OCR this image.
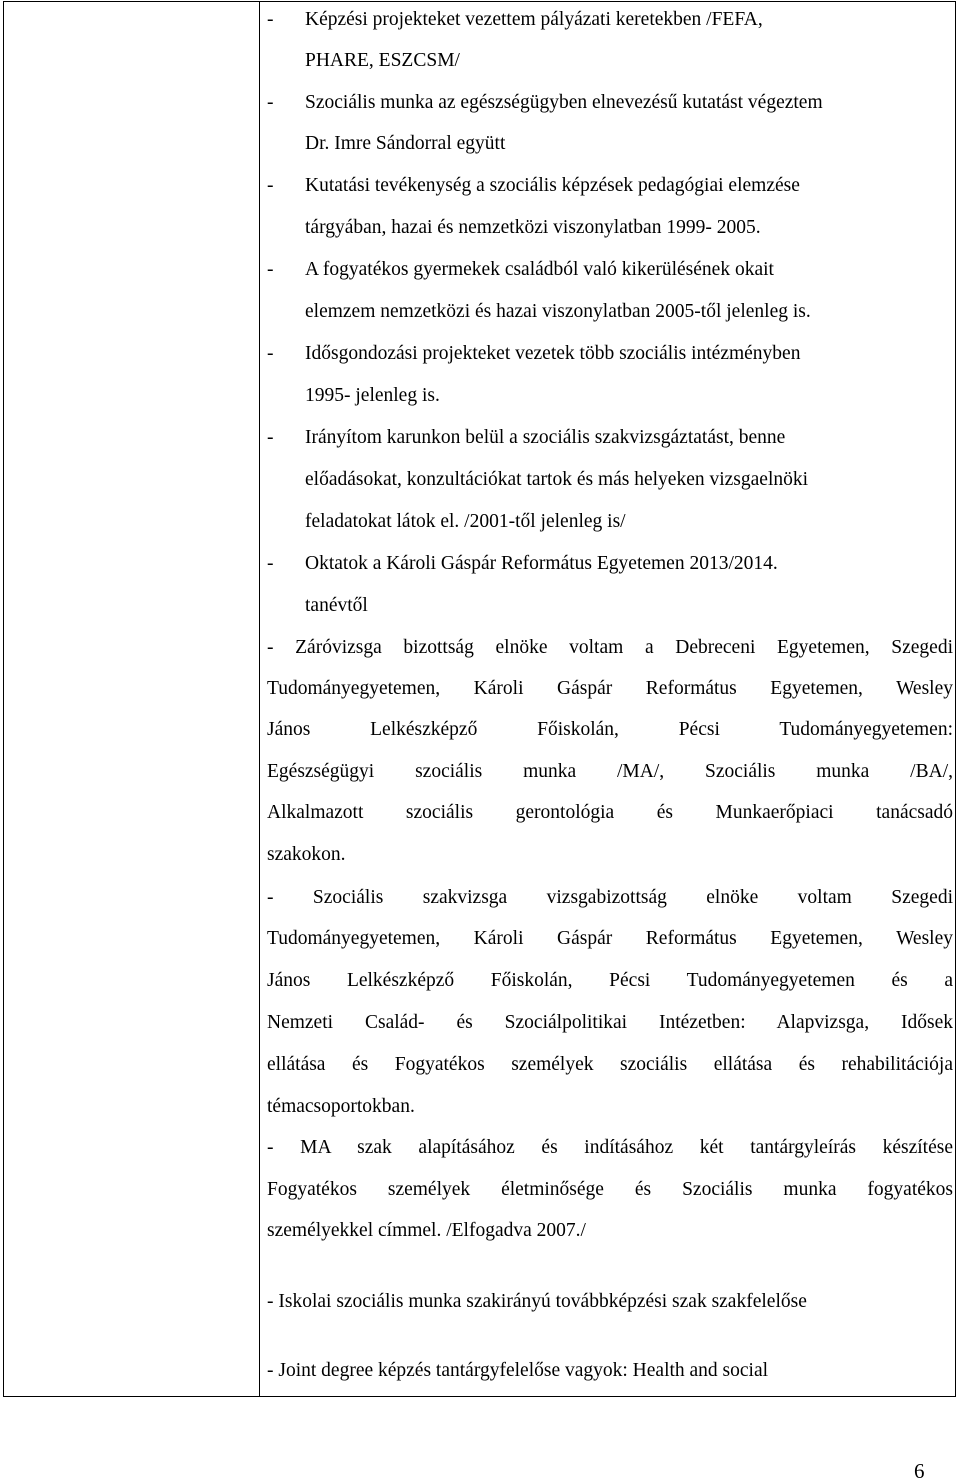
- Képzési projekteket vezettem pályázati keretekben /FEFA,
PHARE, ESZCSM/
- Szociális munka az egészségügyben elnevezésű kutatást végeztem
Dr. Imre Sándorral együtt
- Kutatási tevékenység a szociális képzések pedagógiai elemzése
tárgyában, hazai és nemzetközi viszonylatban 1999- 2005.
- A fogyatékos gyermekek családból való kikerülésének okait
elemzem nemzetközi és hazai viszonylatban 2005-től jelenleg is.
- Idősgondozási projekteket vezetek több szociális intézményben
1995- jelenleg is.
- Irányítom karunkon belül a szociális szakvizsgáztatást, benne
előadásokat, konzultációkat tartok és más helyeken vizsgaelnöki
feladatokat látok el. /2001-től jelenleg is/
- Oktatok a Károli Gáspár Református Egyetemen 2013/2014.
tanévtől
- Záróvizsga bizottság elnöke voltam a Debreceni Egyetemen, Szegedi
Tudományegyetemen, Károli Gáspár Református Egyetemen, Wesley
János Lelkészképző Főiskolán, Pécsi Tudományegyetemen:
Egészségügyi szociális munka /MA/, Szociális munka /BA/,
Alkalmazott szociális gerontológia és Munkaerőpiaci tanácsadó
szakokon.
- Szociális szakvizsga vizsgabizottság elnöke voltam Szegedi
Tudományegyetemen, Károli Gáspár Református Egyetemen, Wesley
János Lelkészképző Főiskolán, Pécsi Tudományegyetemen és a
Nemzeti Család- és Szociálpolitikai Intézetben: Alapvizsga, Idősek
ellátása és Fogyatékos személyek szociális ellátása és rehabilitációja
témacsoportokban.
- MA szak alapításához és indításához két tantárgyleírás készítése
Fogyatékos személyek életminősége és Szociális munka fogyatékos
személyekkel címmel. /Elfogadva 2007./
- Iskolai szociális munka szakirányú továbbképzési szak szakfelelőse
- Joint degree képzés tantárgyfelelőse vagyok: Health and social
6
